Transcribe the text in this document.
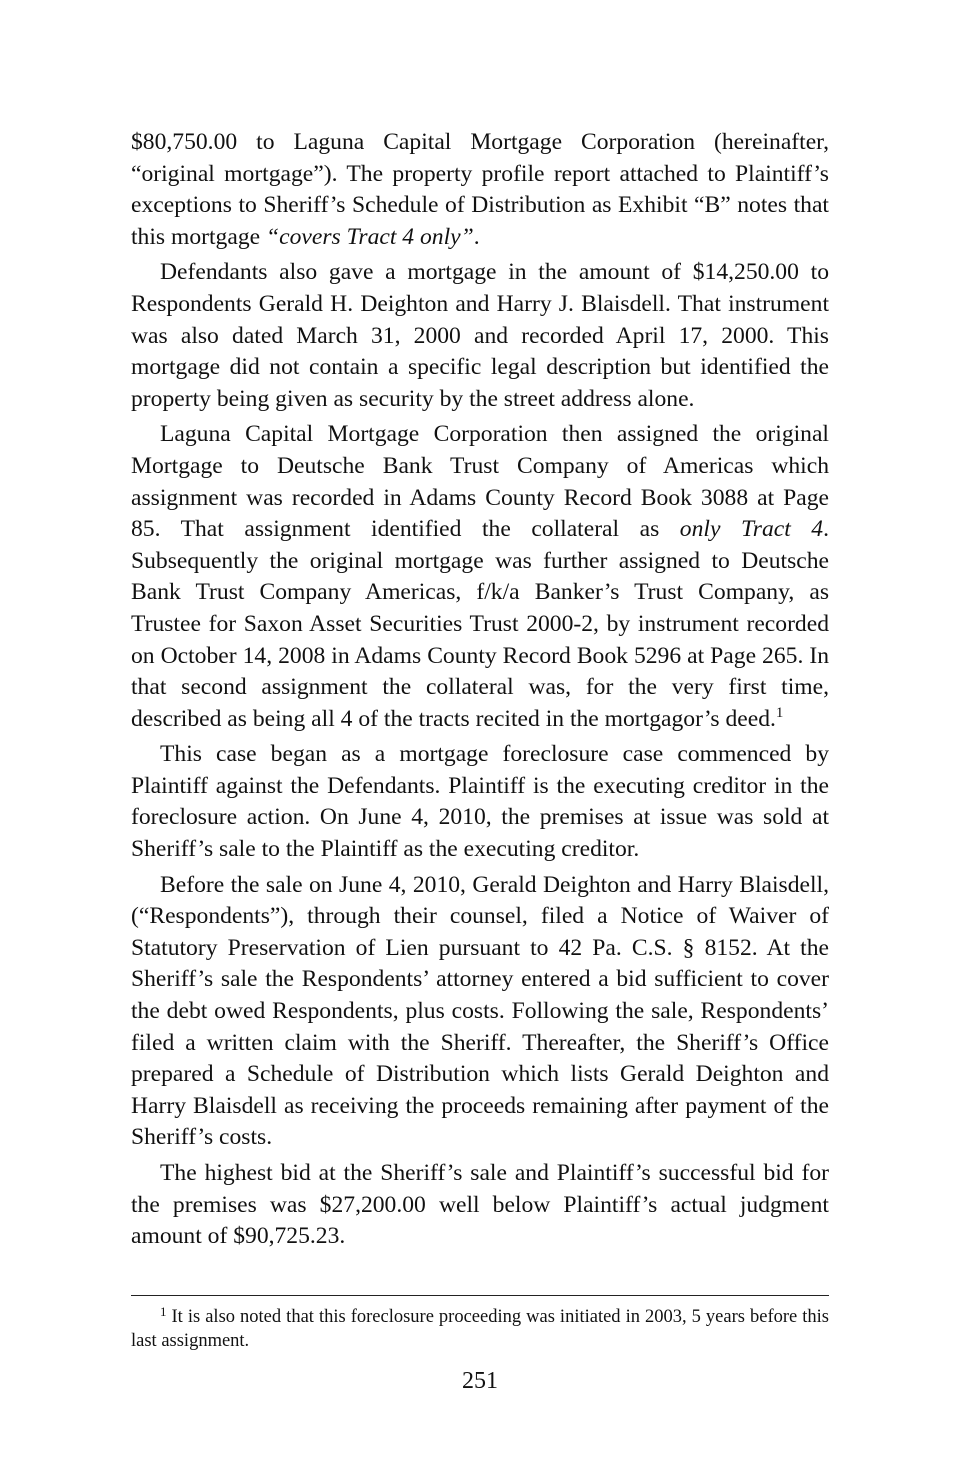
$80,750.00 to Laguna Capital Mortgage Corporation (hereinafter, “original mortgage”). The property profile report attached to Plaintiff’s exceptions to Sheriff’s Schedule of Distribution as Exhibit “B” notes that this mortgage “covers Tract 4 only”.

Defendants also gave a mortgage in the amount of $14,250.00 to Respondents Gerald H. Deighton and Harry J. Blaisdell. That instrument was also dated March 31, 2000 and recorded April 17, 2000. This mortgage did not contain a specific legal description but identified the property being given as security by the street address alone.

Laguna Capital Mortgage Corporation then assigned the original Mortgage to Deutsche Bank Trust Company of Americas which assignment was recorded in Adams County Record Book 3088 at Page 85. That assignment identified the collateral as only Tract 4. Subsequently the original mortgage was further assigned to Deutsche Bank Trust Company Americas, f/k/a Banker’s Trust Company, as Trustee for Saxon Asset Securities Trust 2000-2, by instrument recorded on October 14, 2008 in Adams County Record Book 5296 at Page 265. In that second assignment the collateral was, for the very first time, described as being all 4 of the tracts recited in the mortgagor’s deed.$^1$

This case began as a mortgage foreclosure case commenced by Plaintiff against the Defendants. Plaintiff is the executing creditor in the foreclosure action. On June 4, 2010, the premises at issue was sold at Sheriff’s sale to the Plaintiff as the executing creditor.

Before the sale on June 4, 2010, Gerald Deighton and Harry Blaisdell, (“Respondents”), through their counsel, filed a Notice of Waiver of Statutory Preservation of Lien pursuant to 42 Pa. C.S. § 8152. At the Sheriff’s sale the Respondents’ attorney entered a bid sufficient to cover the debt owed Respondents, plus costs. Following the sale, Respondents’ filed a written claim with the Sheriff. Thereafter, the Sheriff’s Office prepared a Schedule of Distribution which lists Gerald Deighton and Harry Blaisdell as receiving the proceeds remaining after payment of the Sheriff’s costs.

The highest bid at the Sheriff’s sale and Plaintiff’s successful bid for the premises was $27,200.00 well below Plaintiff’s actual judgment amount of $90,725.23.

$^1$ It is also noted that this foreclosure proceeding was initiated in 2003, 5 years before this last assignment.

251
